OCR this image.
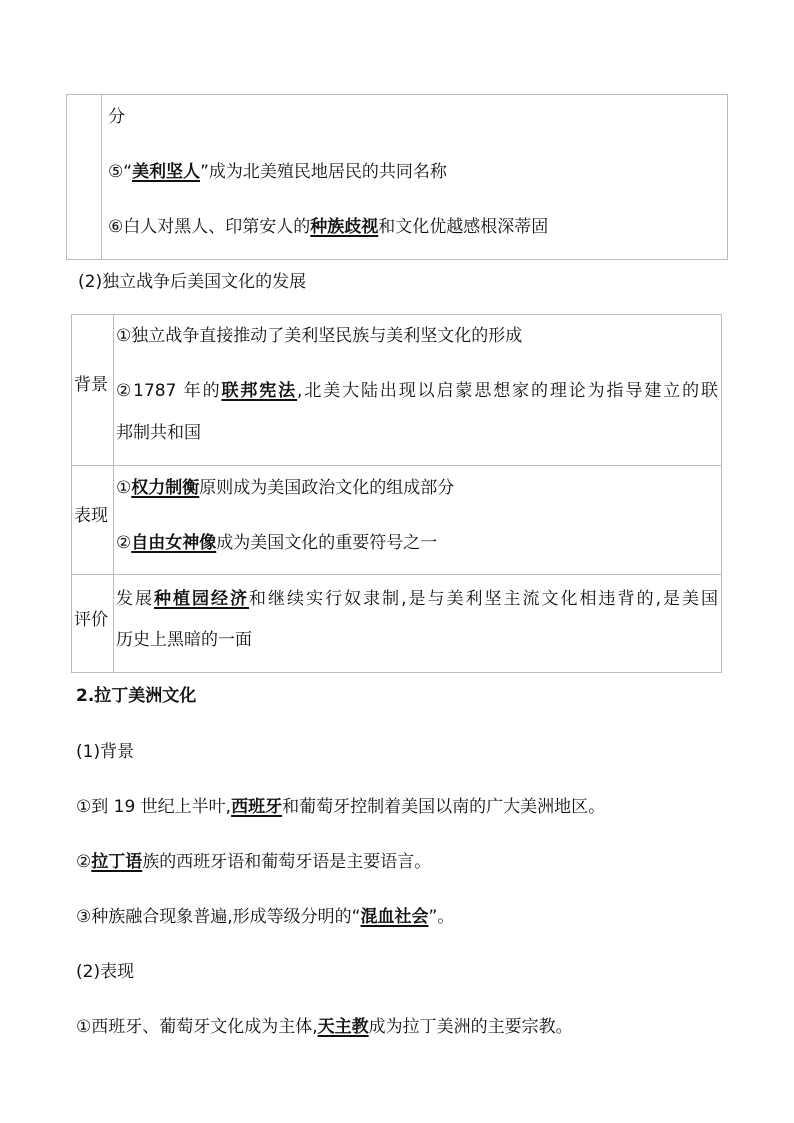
分
⑤“美利坚人”成为北美殖民地居民的共同名称
⑥白人对黑人、印第安人的种族歧视和文化优越感根深蒂固
(2)独立战争后美国文化的发展
背景
①独立战争直接推动了美利坚民族与美利坚文化的形成
②1787 年的联邦宪法,北美大陆出现以启蒙思想家的理论为指导建立的联
邦制共和国
表现
①权力制衡原则成为美国政治文化的组成部分
②自由女神像成为美国文化的重要符号之一
评价
发展种植园经济和继续实行奴隶制,是与美利坚主流文化相违背的,是美国
历史上黑暗的一面
2.拉丁美洲文化
(1)背景
①到 19 世纪上半叶,西班牙和葡萄牙控制着美国以南的广大美洲地区。
②拉丁语族的西班牙语和葡萄牙语是主要语言。
③种族融合现象普遍,形成等级分明的“混血社会”。
(2)表现
①西班牙、葡萄牙文化成为主体,天主教成为拉丁美洲的主要宗教。
